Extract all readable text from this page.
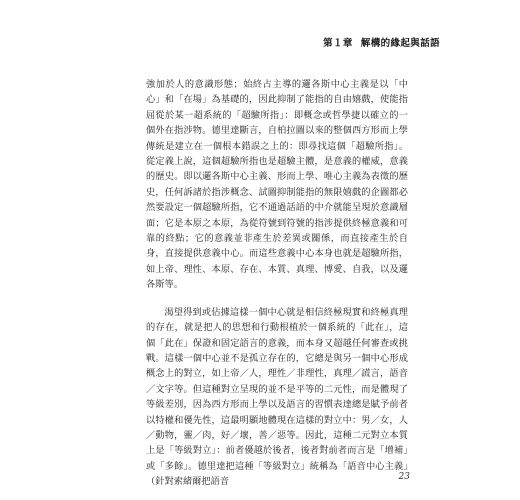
第１章 解構的緣起與話語

強加於人的意識形態；始終占主導的邏各斯中心主義是以「中心」和「在場」為基礎的，因此抑制了能指的自由嬉戲，使能指屈從於某一超系統的「超驗所指」：即概念或哲學捷以確立的一個外在指涉物。德里達斷言，自柏拉圖以來的整個西方形而上學傳統是建立在一個根本錯誤之上的：即尋找這個「超驗所指」。從定義上說，這個超驗所指也是超驗主體，是意義的權威，意義的歷史。即以邏各斯中心主義、形而上學、唯心主義為表徵的歷史，任何訴諸於指涉概念、試圖抑制能指的無限嬉戲的企圖都必然要設定一個超驗所指，它不通過話語的中介就能呈現於意識層面；它是本原之本原，為從符號到符號的指涉提供終極意義和可靠的終點；它的意義並非產生於差異或關係，而直接產生於自身，直接提供意義中心。而這些意義中心本身也就是超驗所指，如上帝、理性、本原、存在、本質、真理、博愛、自我，以及邏各斯等。

渴望得到或佔據這樣一個中心就是相信終極現實和終極真理的存在，就是把人的思想和行動根植於一個系統的「此在」，這個「此在」保證和固定語言的意義，而本身又超越任何審查或挑戰。這樣一個中心並不是孤立存在的，它總是與另一個中心形成概念上的對立，如上帝／人，理性／非理性，真理／謊言，語音／文字等。但這種對立呈現的並不是平等的二元性，而是體現了等級差別，因為西方形而上學以及語言的習慣表達總是賦予前者以特權和優先性，這最明顯地體現在這樣的對立中：男／女，人／動物，靈／肉，好／壞，善／惡等。因此，這種二元對立本質上是「等級對立」：前者優越於後者，後者對前者而言是「增補」或「多餘」。德里達把這種「等級對立」統稱為「語音中心主義」（針對索緒爾把語音	23
